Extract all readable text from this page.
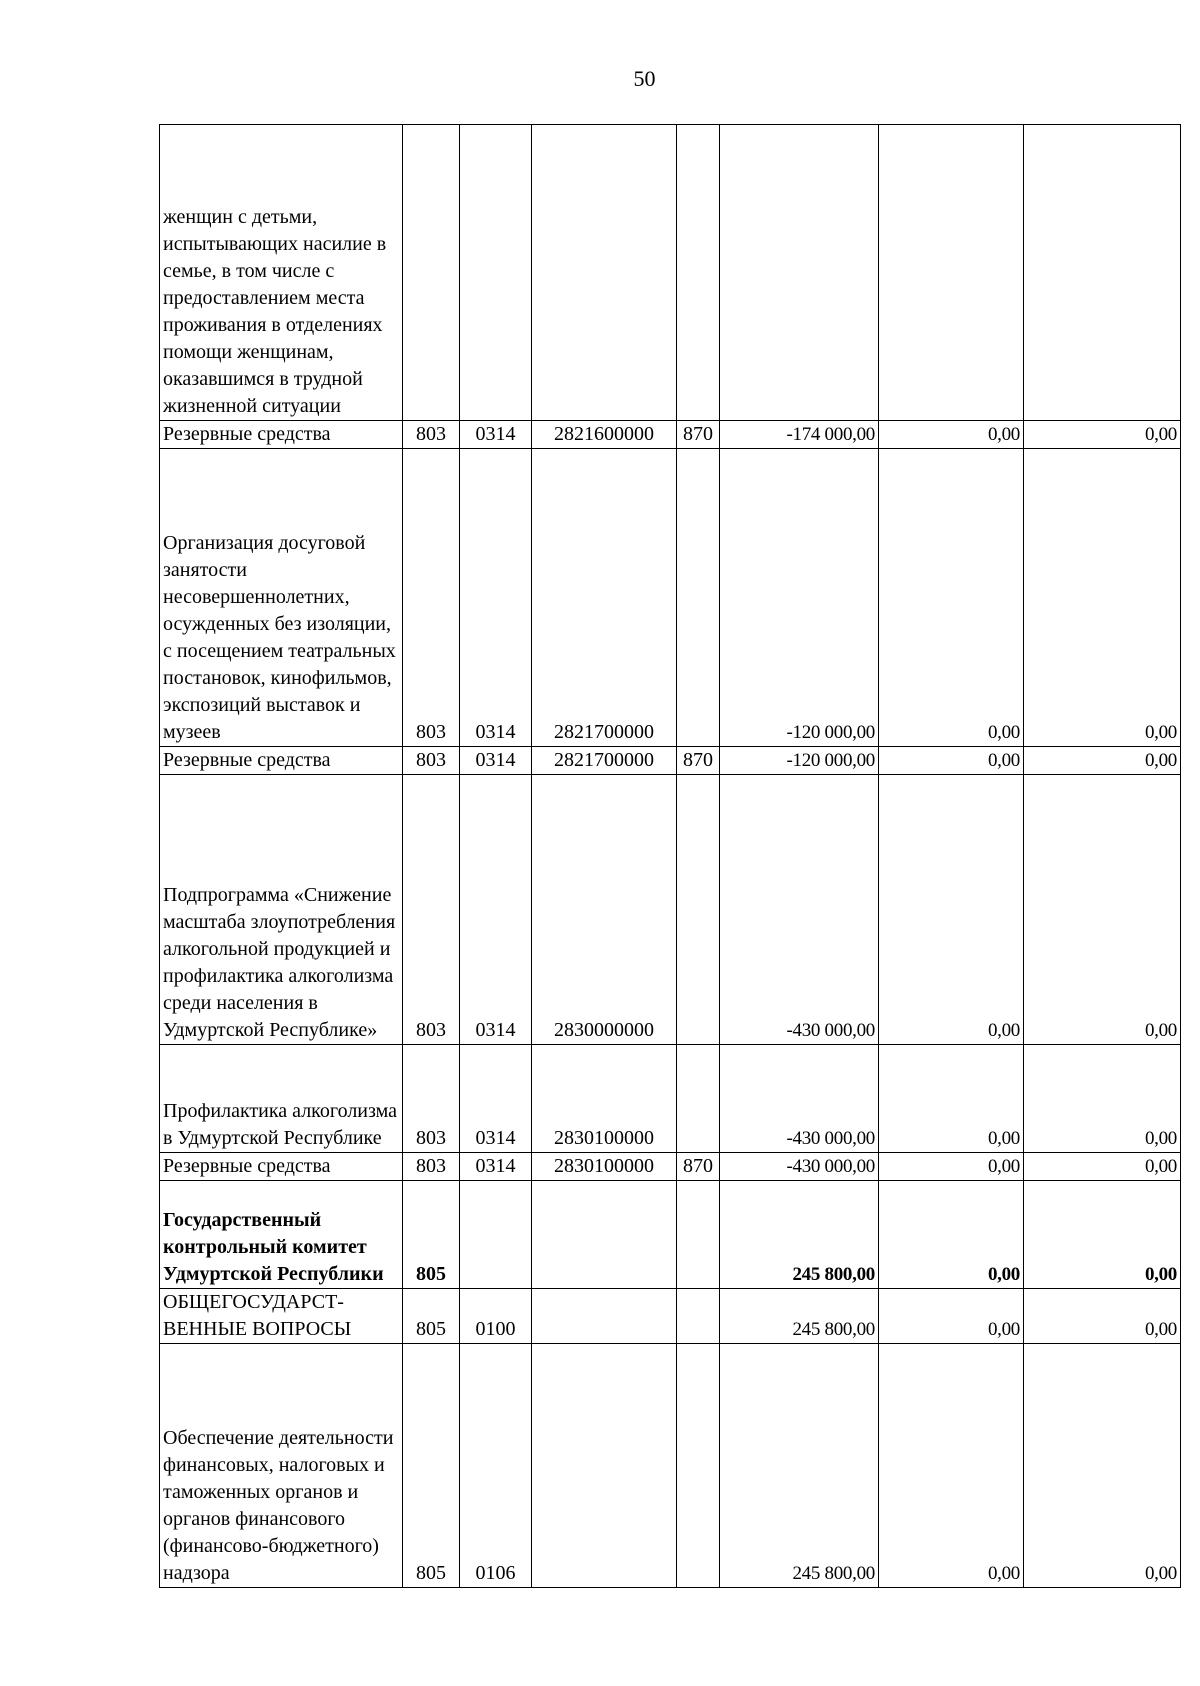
50
женщин с детьми, испытывающих насилие в семье, в том числе с предоставлением места проживания в отделениях помощи женщинам, оказавшимся в трудной жизненной ситуации							

Резервные средства	803	0314	2821600000	870	-174 000,00	0,00	0,00

Организация досуговой занятости несовершеннолетних, осужденных без изоляции, с посещением театральных постановок, кинофильмов, экспозиций выставок и музеев	803	0314	2821700000		-120 000,00	0,00	0,00

Резервные средства	803	0314	2821700000	870	-120 000,00	0,00	0,00

Подпрограмма «Снижение масштаба злоупотребления алкогольной продукцией и профилактика алкоголизма среди населения в Удмуртской Республике»	803	0314	2830000000		-430 000,00	0,00	0,00

Профилактика алкоголизма в Удмуртской Республике	803	0314	2830100000		-430 000,00	0,00	0,00

Резервные средства	803	0314	2830100000	870	-430 000,00	0,00	0,00

Государственный контрольный комитет Удмуртской Республики	805				245 800,00	0,00	0,00

ОБЩЕГОСУДАРСТ-ВЕННЫЕ ВОПРОСЫ	805	0100			245 800,00	0,00	0,00

Обеспечение деятельности финансовых, налоговых и таможенных органов и органов финансового (финансово-бюджетного) надзора	805	0106			245 800,00	0,00	0,00
